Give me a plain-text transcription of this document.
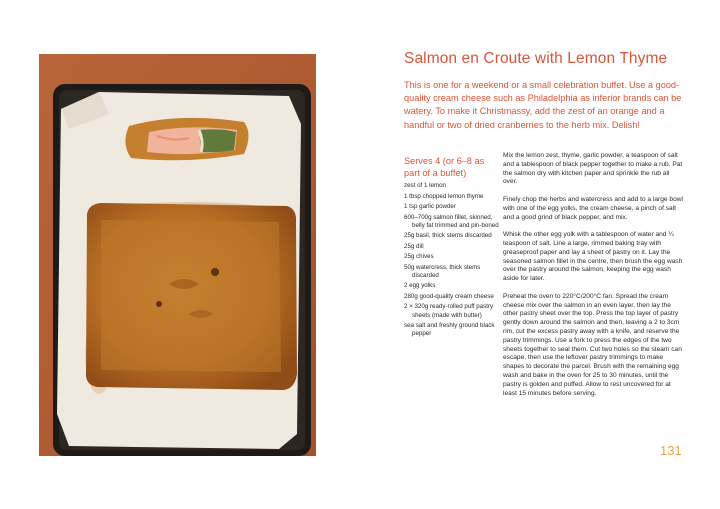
Salmon en Croute with Lemon Thyme

This is one for a weekend or a small celebration buffet. Use a good-quality cream cheese such as Philadelphia as inferior brands can be watery. To make it Christmassy, add the zest of an orange and a handful or two of dried cranberries to the herb mix. Delish!

Serves 4 (or 6–8 as part of a buffet)

zest of 1 lemon
1 tbsp chopped lemon thyme
1 tsp garlic powder
600–700g salmon fillet, skinned, belly fat trimmed and pin-boned
25g basil, thick stems discarded
25g dill
25g chives
50g watercress, thick stems discarded
2 egg yolks
280g good-quality cream cheese
2 × 320g ready-rolled puff pastry sheets (made with butter)
sea salt and freshly ground black pepper

Mix the lemon zest, thyme, garlic powder, a teaspoon of salt and a tablespoon of black pepper together to make a rub. Pat the salmon dry with kitchen paper and sprinkle the rub all over.

Finely chop the herbs and watercress and add to a large bowl with one of the egg yolks, the cream cheese, a pinch of salt and a good grind of black pepper, and mix.

Whisk the other egg yolk with a tablespoon of water and ¼ teaspoon of salt. Line a large, rimmed baking tray with greaseproof paper and lay a sheet of pastry on it. Lay the seasoned salmon fillet in the centre, then brush the egg wash over the pastry around the salmon, keeping the egg wash aside for later.

Preheat the oven to 220°C/200°C fan. Spread the cream cheese mix over the salmon in an even layer, then lay the other pastry sheet over the top. Press the top layer of pastry gently down around the salmon and then, leaving a 2 to 3cm rim, cut the excess pastry away with a knife, and reserve the pastry trimmings. Use a fork to press the edges of the two sheets together to seal them. Cut two holes so the steam can escape, then use the leftover pastry trimmings to make shapes to decorate the parcel. Brush with the remaining egg wash and bake in the oven for 25 to 30 minutes, until the pastry is golden and puffed. Allow to rest uncovered for at least 15 minutes before serving.

131
